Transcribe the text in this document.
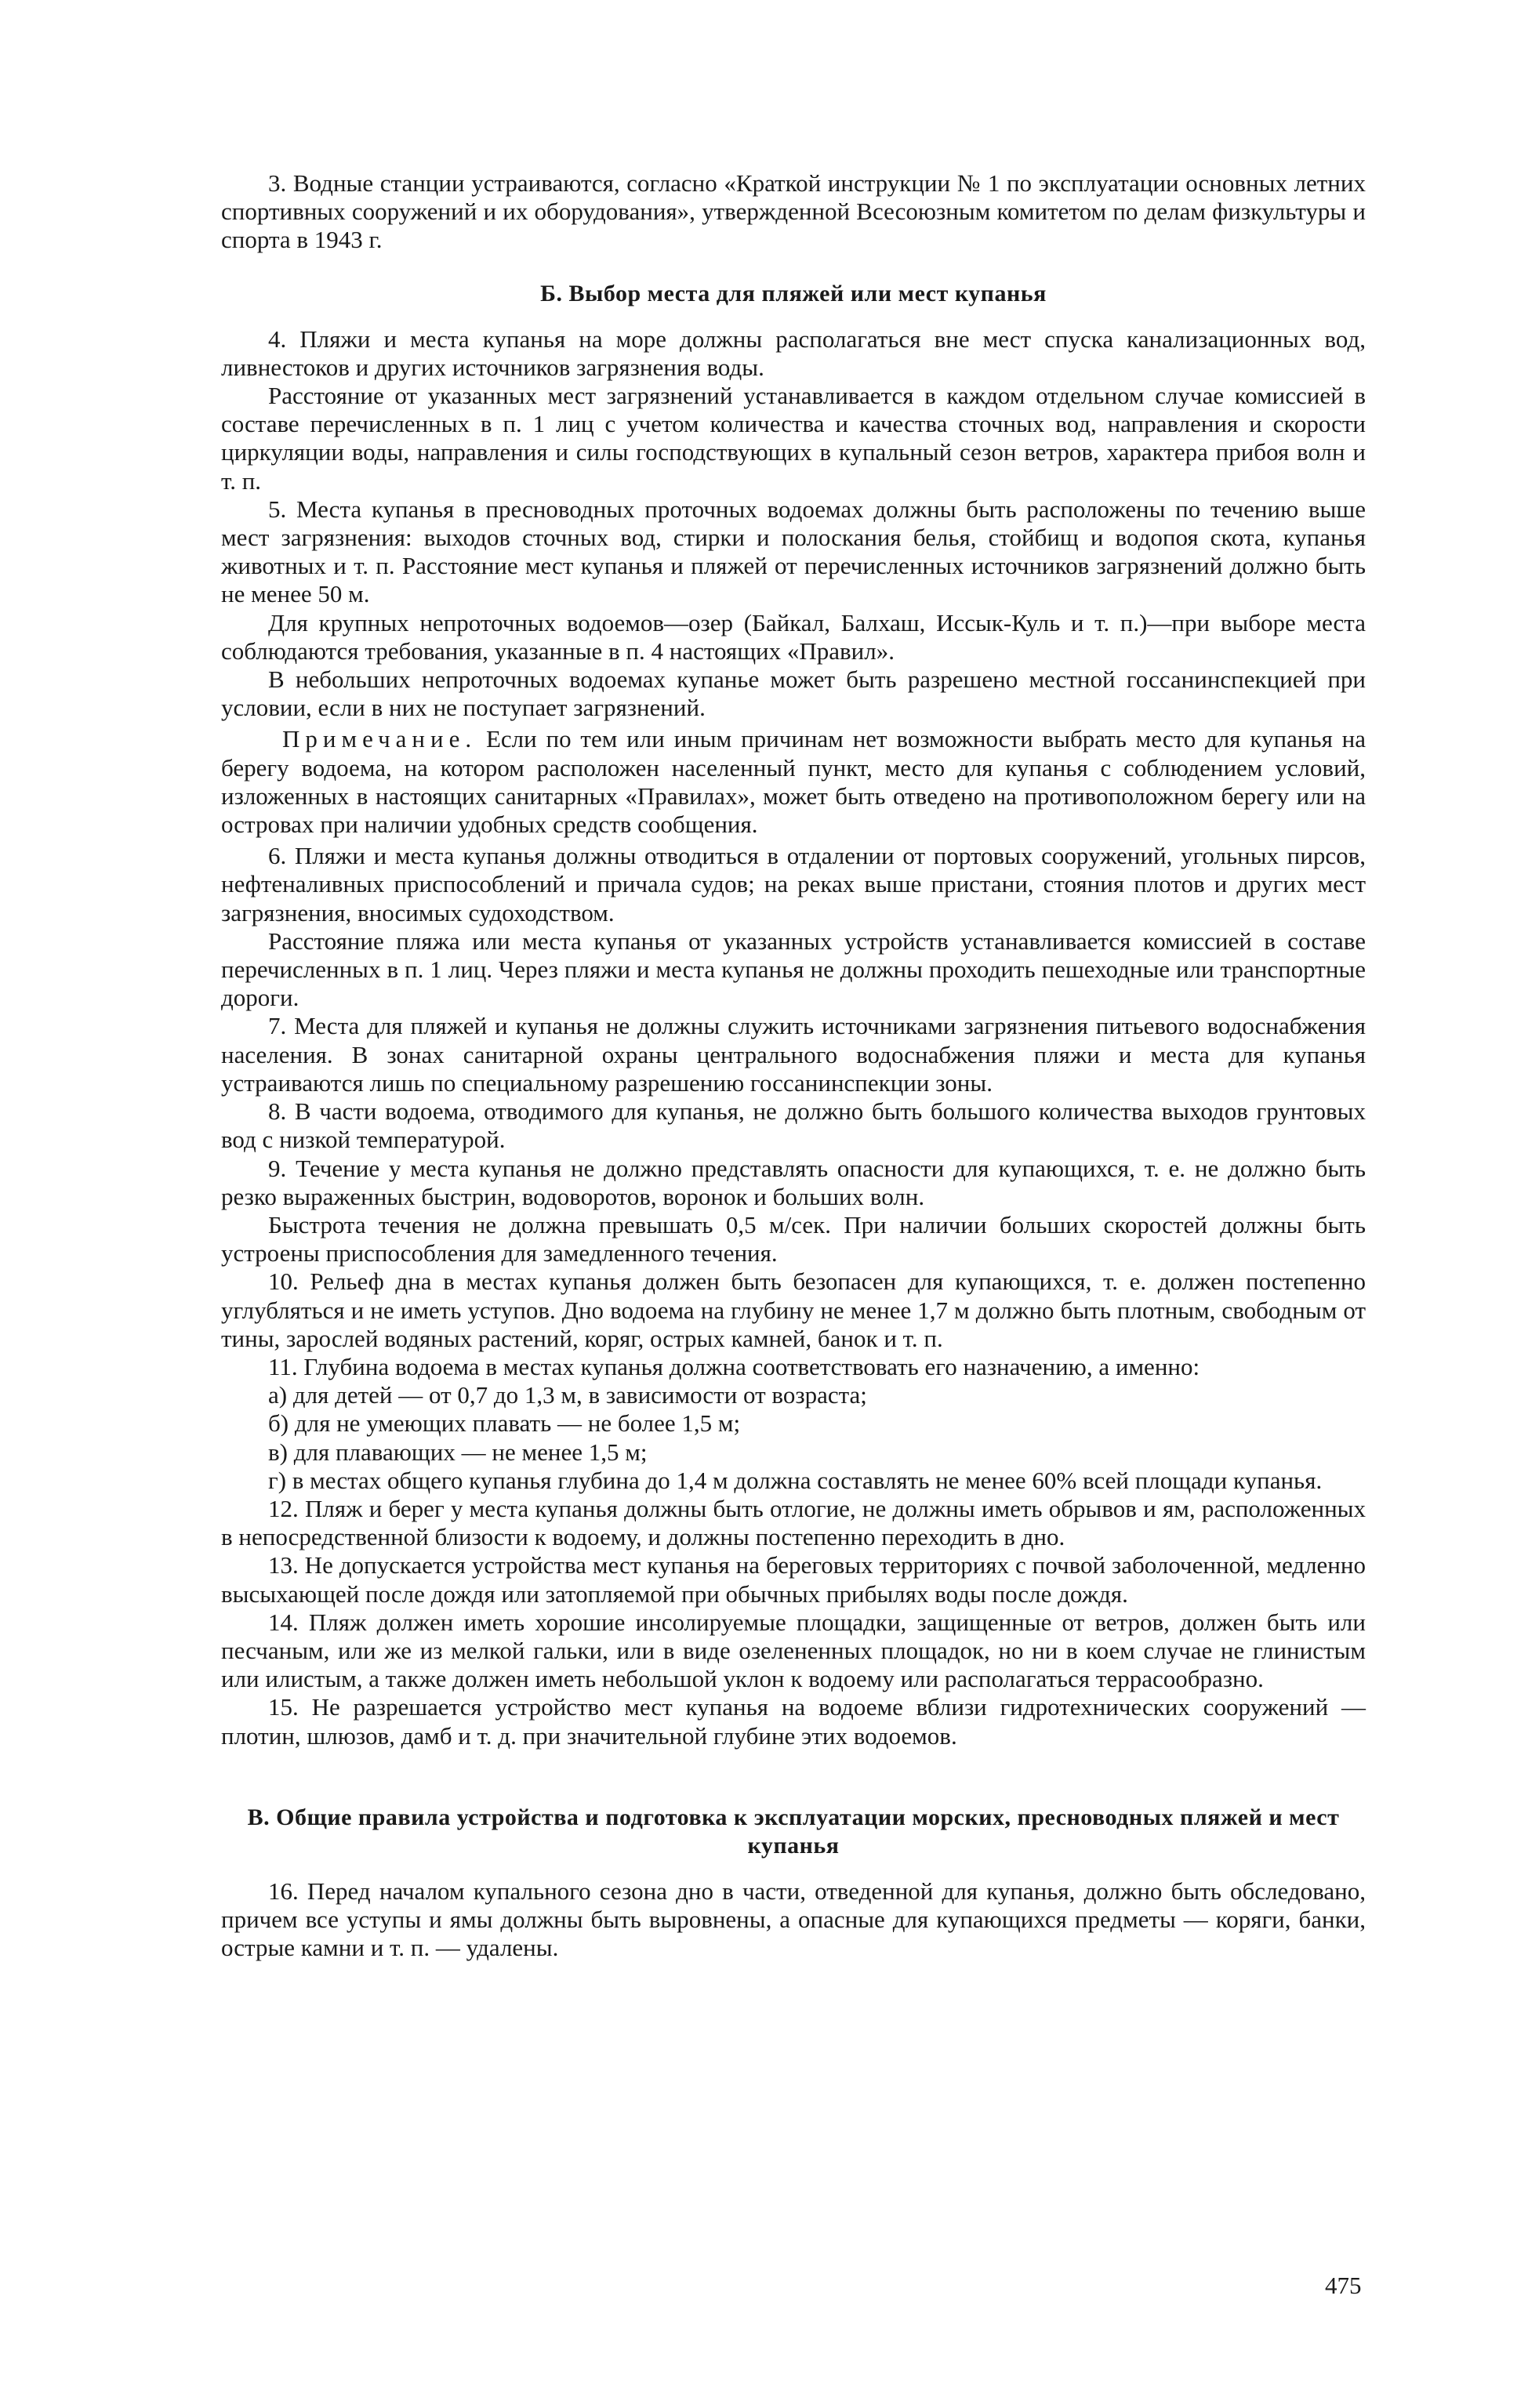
3. Водные станции устраиваются, согласно «Краткой инструкции № 1 по эксплуатации основных летних спортивных сооружений и их оборудования», утвержденной Всесоюзным комитетом по делам физкультуры и спорта в 1943 г.

Б. Выбор места для пляжей или мест купанья

4. Пляжи и места купанья на море должны располагаться вне мест спуска канализационных вод, ливнестоков и других источников загрязнения воды.

Расстояние от указанных мест загрязнений устанавливается в каждом отдельном случае комиссией в составе перечисленных в п. 1 лиц с учетом количества и качества сточных вод, направления и скорости циркуляции воды, направления и силы господствующих в купальный сезон ветров, характера прибоя волн и т. п.

5. Места купанья в пресноводных проточных водоемах должны быть расположены по течению выше мест загрязнения: выходов сточных вод, стирки и полоскания белья, стойбищ и водопоя скота, купанья животных и т. п. Расстояние мест купанья и пляжей от перечисленных источников загрязнений должно быть не менее 50 м.

Для крупных непроточных водоемов—озер (Байкал, Балхаш, Иссык-Куль и т. п.)—при выборе места соблюдаются требования, указанные в п. 4 настоящих «Правил».

В небольших непроточных водоемах купанье может быть разрешено местной госсанинспекцией при условии, если в них не поступает загрязнений.

Примечание. Если по тем или иным причинам нет возможности выбрать место для купанья на берегу водоема, на котором расположен населенный пункт, место для купанья с соблюдением условий, изложенных в настоящих санитарных «Правилах», может быть отведено на противоположном берегу или на островах при наличии удобных средств сообщения.

6. Пляжи и места купанья должны отводиться в отдалении от портовых сооружений, угольных пирсов, нефтеналивных приспособлений и причала судов; на реках выше пристани, стояния плотов и других мест загрязнения, вносимых судоходством.

Расстояние пляжа или места купанья от указанных устройств устанавливается комиссией в составе перечисленных в п. 1 лиц. Через пляжи и места купанья не должны проходить пешеходные или транспортные дороги.

7. Места для пляжей и купанья не должны служить источниками загрязнения питьевого водоснабжения населения. В зонах санитарной охраны центрального водоснабжения пляжи и места для купанья устраиваются лишь по специальному разрешению госсанинспекции зоны.

8. В части водоема, отводимого для купанья, не должно быть большого количества выходов грунтовых вод с низкой температурой.

9. Течение у места купанья не должно представлять опасности для купающихся, т. е. не должно быть резко выраженных быстрин, водоворотов, воронок и больших волн.

Быстрота течения не должна превышать 0,5 м/сек. При наличии больших скоростей должны быть устроены приспособления для замедленного течения.

10. Рельеф дна в местах купанья должен быть безопасен для купающихся, т. е. должен постепенно углубляться и не иметь уступов. Дно водоема на глубину не менее 1,7 м должно быть плотным, свободным от тины, зарослей водяных растений, коряг, острых камней, банок и т. п.

11. Глубина водоема в местах купанья должна соответствовать его назначению, а именно:

а) для детей — от 0,7 до 1,3 м, в зависимости от возраста;

б) для не умеющих плавать — не более 1,5 м;

в) для плавающих — не менее 1,5 м;

г) в местах общего купанья глубина до 1,4 м должна составлять не менее 60% всей площади купанья.

12. Пляж и берег у места купанья должны быть отлогие, не должны иметь обрывов и ям, расположенных в непосредственной близости к водоему, и должны постепенно переходить в дно.

13. Не допускается устройства мест купанья на береговых территориях с почвой заболоченной, медленно высыхающей после дождя или затопляемой при обычных прибылях воды после дождя.

14. Пляж должен иметь хорошие инсолируемые площадки, защищенные от ветров, должен быть или песчаным, или же из мелкой гальки, или в виде озелененных площадок, но ни в коем случае не глинистым или илистым, а также должен иметь небольшой уклон к водоему или располагаться террасообразно.

15. Не разрешается устройство мест купанья на водоеме вблизи гидротехнических сооружений — плотин, шлюзов, дамб и т. д. при значительной глубине этих водоемов.

В. Общие правила устройства и подготовка к эксплуатации морских, пресноводных пляжей и мест купанья

16. Перед началом купального сезона дно в части, отведенной для купанья, должно быть обследовано, причем все уступы и ямы должны быть выровнены, а опасные для купающихся предметы — коряги, банки, острые камни и т. п. — удалены.

475
